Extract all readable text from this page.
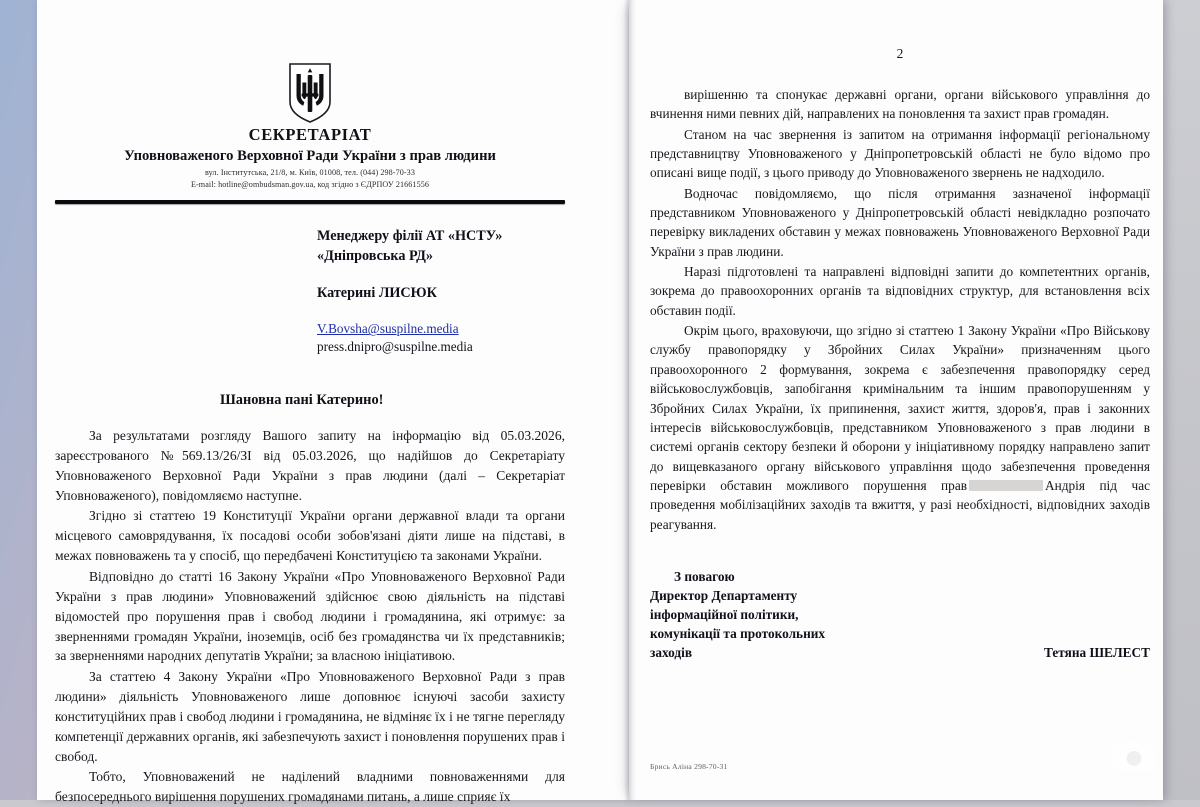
СЕКРЕТАРІАТ
Уповноваженого Верховної Ради України з прав людини
вул. Інститутська, 21/8, м. Київ, 01008, тел. (044) 298-70-33
E-mail: hotline@ombudsman.gov.ua, код згідно з ЄДРПОУ 21661556
Менеджеру філії АТ «НСТУ»
«Дніпровська РД»
Катерині ЛИСЮК
V.Bovsha@suspilne.media
press.dnipro@suspilne.media
Шановна пані Катерино!

За результатами розгляду Вашого запиту на інформацію від 05.03.2026, зареєстрованого №569.13/26/ЗІ від 05.03.2026, що надійшов до Секретаріату Уповноваженого Верховної Ради України з прав людини (далі – Секретаріат Уповноваженого), повідомляємо наступне.

Згідно зі статтею 19 Конституції України органи державної влади та органи місцевого самоврядування, їх посадові особи зобов'язані діяти лише на підставі, в межах повноважень та у спосіб, що передбачені Конституцією та законами України.

Відповідно до статті 16 Закону України «Про Уповноваженого Верховної Ради України з прав людини» Уповноважений здійснює свою діяльність на підставі відомостей про порушення прав і свобод людини і громадянина, які отримує: за зверненнями громадян України, іноземців, осіб без громадянства чи їх представників; за зверненнями народних депутатів України; за власною ініціативою.

За статтею 4 Закону України «Про Уповноваженого Верховної Ради з прав людини» діяльність Уповноваженого лише доповнює існуючі засоби захисту конституційних прав і свобод людини і громадянина, не відміняє їх і не тягне перегляду компетенції державних органів, які забезпечують захист і поновлення порушених прав і свобод.

Тобто, Уповноважений не наділений владними повноваженнями для безпосереднього вирішення порушених громадянами питань, а лише сприяє їх

2

вирішенню та спонукає державні органи, органи військового управління до вчинення ними певних дій, направлених на поновлення та захист прав громадян.

Станом на час звернення із запитом на отримання інформації регіональному представництву Уповноваженого у Дніпропетровській області не було відомо про описані вище події, з цього приводу до Уповноваженого звернень не надходило.

Водночас повідомляємо, що після отримання зазначеної інформації представником Уповноваженого у Дніпропетровській області невідкладно розпочато перевірку викладених обставин у межах повноважень Уповноваженого Верховної Ради України з прав людини.

Наразі підготовлені та направлені відповідні запити до компетентних органів, зокрема до правоохоронних органів та відповідних структур, для встановлення всіх обставин події.

Окрім цього, враховуючи, що згідно зі статтею 1 Закону України «Про Військову службу правопорядку у Збройних Силах України» призначенням цього правоохоронного 2 формування, зокрема є забезпечення правопорядку серед військовослужбовців, запобігання кримінальним та іншим правопорушенням у Збройних Силах України, їх припинення, захист життя, здоров'я, прав і законних інтересів військовослужбовців, представником Уповноваженого з прав людини в системі органів сектору безпеки й оборони у ініціативному порядку направлено запит до вищевказаного органу військового управління щодо забезпечення проведення перевірки обставин можливого порушення прав	Андрія під час проведення мобілізаційних заходів та вжиття, у разі необхідності, відповідних заходів реагування.

З повагою
Директор Департаменту
інформаційної політики,
комунікації та протокольних
заходів	Тетяна ШЕЛЕСТ
Брись Аліна 298-70-31
